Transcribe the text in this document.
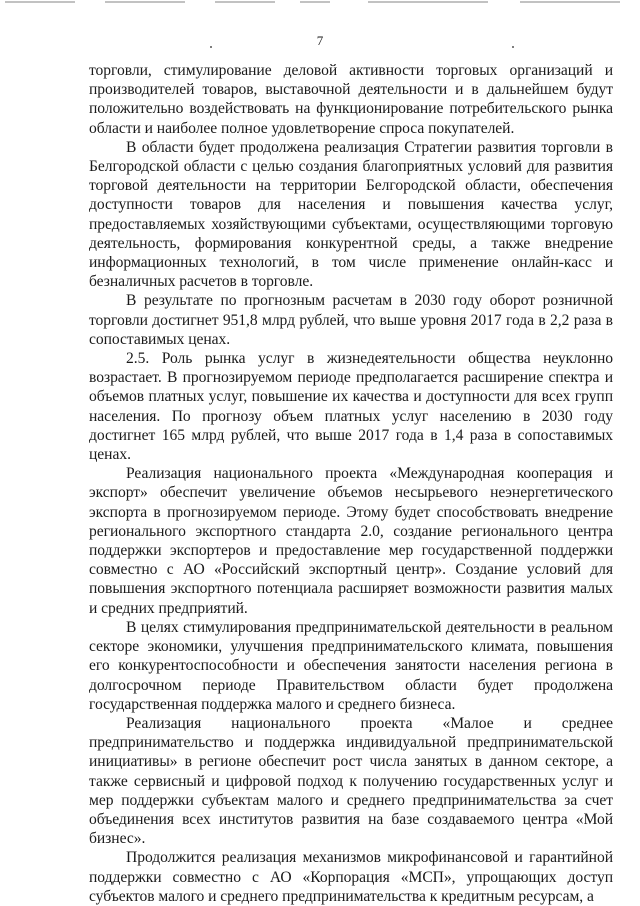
7

торговли, стимулирование деловой активности торговых организаций и производителей товаров, выставочной деятельности и в дальнейшем будут положительно воздействовать на функционирование потребительского рынка области и наиболее полное удовлетворение спроса покупателей.

В области будет продолжена реализация Стратегии развития торговли в Белгородской области с целью создания благоприятных условий для развития торговой деятельности на территории Белгородской области, обеспечения доступности товаров для населения и повышения качества услуг, предоставляемых хозяйствующими субъектами, осуществляющими торговую деятельность, формирования конкурентной среды, а также внедрение информационных технологий, в том числе применение онлайн-касс и безналичных расчетов в торговле.

В результате по прогнозным расчетам в 2030 году оборот розничной торговли достигнет 951,8 млрд рублей, что выше уровня 2017 года в 2,2 раза в сопоставимых ценах.

2.5. Роль рынка услуг в жизнедеятельности общества неуклонно возрастает. В прогнозируемом периоде предполагается расширение спектра и объемов платных услуг, повышение их качества и доступности для всех групп населения. По прогнозу объем платных услуг населению в 2030 году достигнет 165 млрд рублей, что выше 2017 года в 1,4 раза в сопоставимых ценах.

Реализация национального проекта «Международная кооперация и экспорт» обеспечит увеличение объемов несырьевого неэнергетического экспорта в прогнозируемом периоде. Этому будет способствовать внедрение регионального экспортного стандарта 2.0, создание регионального центра поддержки экспортеров и предоставление мер государственной поддержки совместно с АО «Российский экспортный центр». Создание условий для повышения экспортного потенциала расширяет возможности развития малых и средних предприятий.

В целях стимулирования предпринимательской деятельности в реальном секторе экономики, улучшения предпринимательского климата, повышения его конкурентоспособности и обеспечения занятости населения региона в долгосрочном периоде Правительством области будет продолжена государственная поддержка малого и среднего бизнеса.

Реализация национального проекта «Малое и среднее предпринимательство и поддержка индивидуальной предпринимательской инициативы» в регионе обеспечит рост числа занятых в данном секторе, а также сервисный и цифровой подход к получению государственных услуг и мер поддержки субъектам малого и среднего предпринимательства за счет объединения всех институтов развития на базе создаваемого центра «Мой бизнес».

Продолжится реализация механизмов микрофинансовой и гарантийной поддержки совместно с АО «Корпорация «МСП», упрощающих доступ субъектов малого и среднего предпринимательства к кредитным ресурсам, а
